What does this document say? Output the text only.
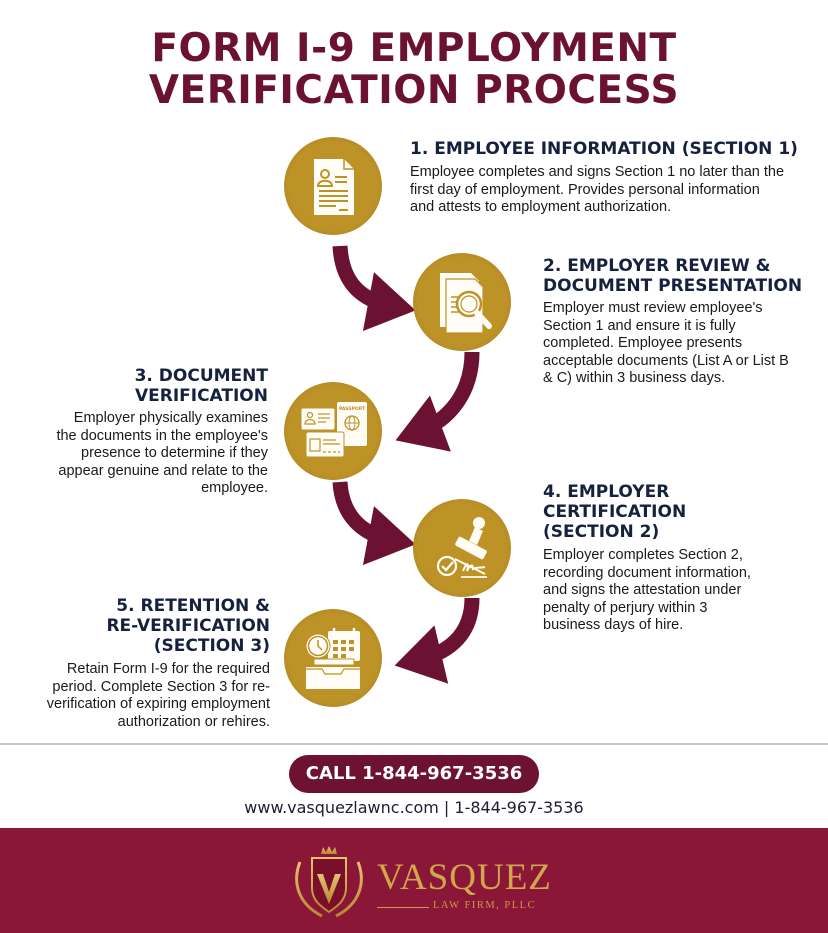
FORM I-9 EMPLOYMENT
VERIFICATION PROCESS
1. EMPLOYEE INFORMATION (SECTION 1)
Employee completes and signs Section 1 no later than the
first day of employment. Provides personal information
and attests to employment authorization.
2. EMPLOYER REVIEW &
DOCUMENT PRESENTATION
Employer must review employee's
Section 1 and ensure it is fully
completed. Employee presents
acceptable documents (List A or List B
& C) within 3 business days.
3. DOCUMENT
VERIFICATION
Employer physically examines
the documents in the employee's
presence to determine if they
appear genuine and relate to the
employee.
PASSPORT
4. EMPLOYER
CERTIFICATION
(SECTION 2)
Employer completes Section 2,
recording document information,
and signs the attestation under
penalty of perjury within 3
business days of hire.
5. RETENTION &
RE-VERIFICATION
(SECTION 3)
Retain Form I-9 for the required
period. Complete Section 3 for re-
verification of expiring employment
authorization or rehires.
CALL 1-844-967-3536
www.vasquezlawnc.com | 1-844-967-3536
VASQUEZ
LAW FIRM, PLLC
